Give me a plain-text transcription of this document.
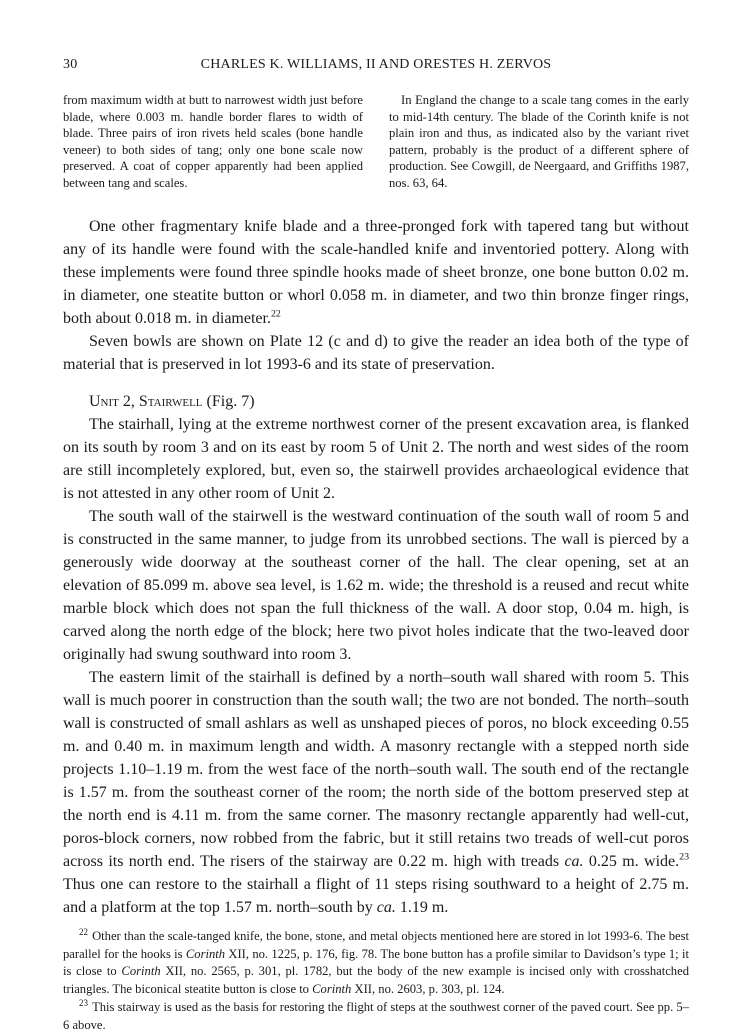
30	CHARLES K. WILLIAMS, II AND ORESTES H. ZERVOS

from maximum width at butt to narrowest width just before blade, where 0.003 m. handle border flares to width of blade. Three pairs of iron rivets held scales (bone handle veneer) to both sides of tang; only one bone scale now preserved. A coat of copper apparently had been applied between tang and scales.

In England the change to a scale tang comes in the early to mid-14th century. The blade of the Corinth knife is not plain iron and thus, as indicated also by the variant rivet pattern, probably is the product of a different sphere of production. See Cowgill, de Neergaard, and Griffiths 1987, nos. 63, 64.

One other fragmentary knife blade and a three-pronged fork with tapered tang but without any of its handle were found with the scale-handled knife and inventoried pottery. Along with these implements were found three spindle hooks made of sheet bronze, one bone button 0.02 m. in diameter, one steatite button or whorl 0.058 m. in diameter, and two thin bronze finger rings, both about 0.018 m. in diameter.$^{22}$

Seven bowls are shown on Plate 12 (c and d) to give the reader an idea both of the type of material that is preserved in lot 1993-6 and its state of preservation.

Unit 2, Stairwell (Fig. 7)

The stairhall, lying at the extreme northwest corner of the present excavation area, is flanked on its south by room 3 and on its east by room 5 of Unit 2. The north and west sides of the room are still incompletely explored, but, even so, the stairwell provides archaeological evidence that is not attested in any other room of Unit 2.

The south wall of the stairwell is the westward continuation of the south wall of room 5 and is constructed in the same manner, to judge from its unrobbed sections. The wall is pierced by a generously wide doorway at the southeast corner of the hall. The clear opening, set at an elevation of 85.099 m. above sea level, is 1.62 m. wide; the threshold is a reused and recut white marble block which does not span the full thickness of the wall. A door stop, 0.04 m. high, is carved along the north edge of the block; here two pivot holes indicate that the two-leaved door originally had swung southward into room 3.

The eastern limit of the stairhall is defined by a north–south wall shared with room 5. This wall is much poorer in construction than the south wall; the two are not bonded. The north–south wall is constructed of small ashlars as well as unshaped pieces of poros, no block exceeding 0.55 m. and 0.40 m. in maximum length and width. A masonry rectangle with a stepped north side projects 1.10–1.19 m. from the west face of the north–south wall. The south end of the rectangle is 1.57 m. from the southeast corner of the room; the north side of the bottom preserved step at the north end is 4.11 m. from the same corner. The masonry rectangle apparently had well-cut, poros-block corners, now robbed from the fabric, but it still retains two treads of well-cut poros across its north end. The risers of the stairway are 0.22 m. high with treads ca. 0.25 m. wide.$^{23}$ Thus one can restore to the stairhall a flight of 11 steps rising southward to a height of 2.75 m. and a platform at the top 1.57 m. north–south by ca. 1.19 m.

$^{22}$ Other than the scale-tanged knife, the bone, stone, and metal objects mentioned here are stored in lot 1993-6. The best parallel for the hooks is Corinth XII, no. 1225, p. 176, fig. 78. The bone button has a profile similar to Davidson’s type 1; it is close to Corinth XII, no. 2565, p. 301, pl. 1782, but the body of the new example is incised only with crosshatched triangles. The biconical steatite button is close to Corinth XII, no. 2603, p. 303, pl. 124.

$^{23}$ This stairway is used as the basis for restoring the flight of steps at the southwest corner of the paved court. See pp. 5–6 above.
